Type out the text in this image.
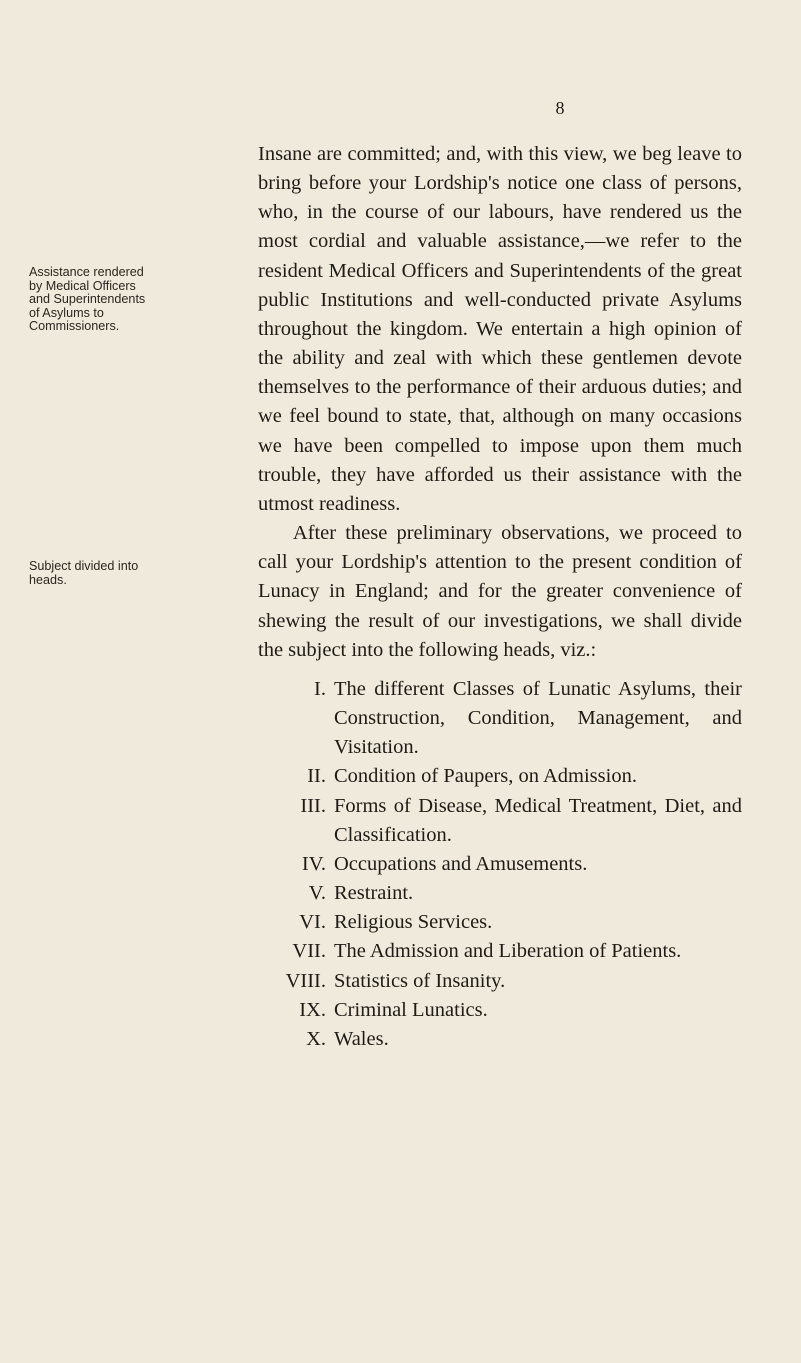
8
Assistance rendered by Medical Officers and Superintendents of Asylums to Commissioners.
Subject divided into heads.

Insane are committed; and, with this view, we beg leave to bring before your Lordship's notice one class of persons, who, in the course of our labours, have rendered us the most cordial and valuable assistance,—we refer to the resident Medical Officers and Superintendents of the great public Institutions and well-conducted private Asylums throughout the kingdom. We entertain a high opinion of the ability and zeal with which these gentlemen devote themselves to the performance of their arduous duties; and we feel bound to state, that, although on many occasions we have been compelled to impose upon them much trouble, they have afforded us their assistance with the utmost readiness.

After these preliminary observations, we proceed to call your Lordship's attention to the present condition of Lunacy in England; and for the greater convenience of shewing the result of our investigations, we shall divide the subject into the following heads, viz.:

I. The different Classes of Lunatic Asylums, their Construction, Condition, Management, and Visitation.
II. Condition of Paupers, on Admission.
III. Forms of Disease, Medical Treatment, Diet, and Classification.
IV. Occupations and Amusements.
V. Restraint.
VI. Religious Services.
VII. The Admission and Liberation of Patients.
VIII. Statistics of Insanity.
IX. Criminal Lunatics.
X. Wales.
